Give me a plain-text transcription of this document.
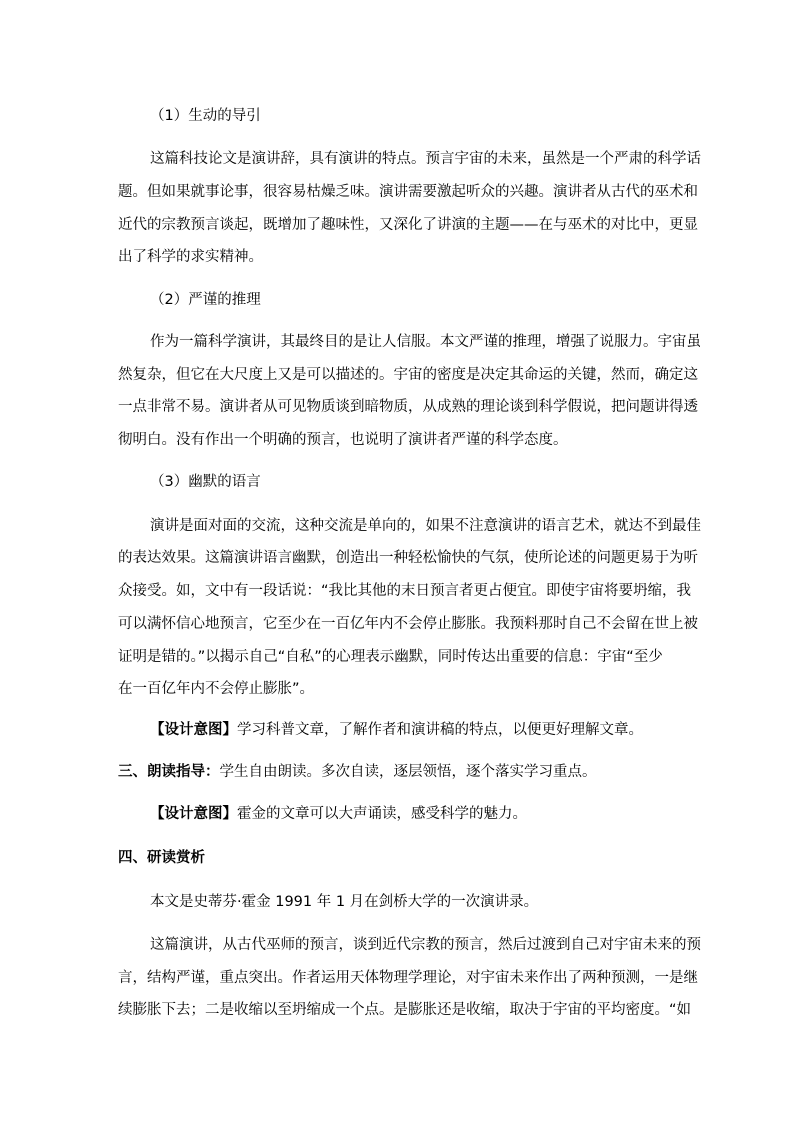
（1）生动的导引
这篇科技论文是演讲辞，具有演讲的特点。预言宇宙的未来，虽然是一个严肃的科学话
题。但如果就事论事，很容易枯燥乏味。演讲需要激起听众的兴趣。演讲者从古代的巫术和
近代的宗教预言谈起，既增加了趣味性，又深化了讲演的主题——在与巫术的对比中，更显
出了科学的求实精神。
（2）严谨的推理
作为一篇科学演讲，其最终目的是让人信服。本文严谨的推理，增强了说服力。宇宙虽
然复杂，但它在大尺度上又是可以描述的。宇宙的密度是决定其命运的关键，然而，确定这
一点非常不易。演讲者从可见物质谈到暗物质，从成熟的理论谈到科学假说，把问题讲得透
彻明白。没有作出一个明确的预言，也说明了演讲者严谨的科学态度。
（3）幽默的语言
演讲是面对面的交流，这种交流是单向的，如果不注意演讲的语言艺术，就达不到最佳
的表达效果。这篇演讲语言幽默，创造出一种轻松愉快的气氛，使所论述的问题更易于为听
众接受。如，文中有一段话说：“我比其他的末日预言者更占便宜。即使宇宙将要坍缩，我
可以满怀信心地预言，它至少在一百亿年内不会停止膨胀。我预料那时自己不会留在世上被
证明是错的。”以揭示自己“自私”的心理表示幽默，同时传达出重要的信息：宇宙“至少
在一百亿年内不会停止膨胀”。
【设计意图】学习科普文章，了解作者和演讲稿的特点，以便更好理解文章。
三、朗读指导：学生自由朗读。多次自读，逐层领悟，逐个落实学习重点。
【设计意图】霍金的文章可以大声诵读，感受科学的魅力。
四、研读赏析
本文是史蒂芬·霍金 1991 年 1 月在剑桥大学的一次演讲录。
这篇演讲，从古代巫师的预言，谈到近代宗教的预言，然后过渡到自己对宇宙未来的预
言，结构严谨，重点突出。作者运用天体物理学理论，对宇宙未来作出了两种预测，一是继
续膨胀下去；二是收缩以至坍缩成一个点。是膨胀还是收缩，取决于宇宙的平均密度。“如
